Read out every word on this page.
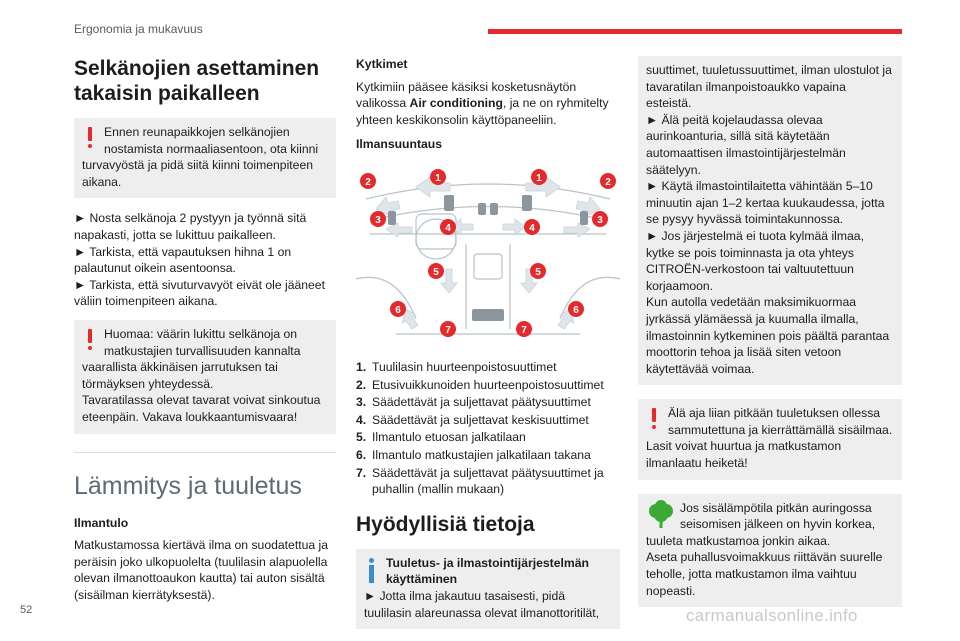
Ergonomia ja mukavuus
Selkänojien asettaminen takaisin paikalleen

Ennen reunapaikkojen selkänojien nostamista normaaliasentoon, ota kiinni turvavyöstä ja pidä siitä kiinni toimenpiteen aikana.

► Nosta selkänoja 2 pystyyn ja työnnä sitä napakasti, jotta se lukittuu paikalleen.
► Tarkista, että vapautuksen hihna 1 on palautunut oikein asentoonsa.
► Tarkista, että sivuturvavyöt eivät ole jääneet väliin toimenpiteen aikana.

Huomaa: väärin lukittu selkänoja on matkustajien turvallisuuden kannalta vaarallista äkkinäisen jarrutuksen tai törmäyksen yhteydessä.
Tavaratilassa olevat tavarat voivat sinkoutua eteenpäin. Vakava loukkaantumisvaara!

Lämmitys ja tuuletus
Ilmantulo

Matkustamossa kiertävä ilma on suodatettua ja peräisin joko ulkopuolelta (tuulilasin alapuolella olevan ilmanottoaukon kautta) tai auton sisältä (sisäilman kierrätyksestä).

Kytkimet

Kytkimiin pääsee käsiksi kosketusnäytön valikossa Air conditioning, ja ne on ryhmitelty yhteen keskikonsolin käyttöpaneeliin.

Ilmansuuntaus
1	1
2	2
3	3
4	4
5	5
6	6
7	7
1. Tuulilasin huurteenpoistosuuttimet
2. Etusivuikkunoiden huurteenpoistosuuttimet
3. Säädettävät ja suljettavat päätysuuttimet
4. Säädettävät ja suljettavat keskisuuttimet
5. Ilmantulo etuosan jalkatilaan
6. Ilmantulo matkustajien jalkatilaan takana
7. Säädettävät ja suljettavat päätysuuttimet ja puhallin (mallin mukaan)
Hyödyllisiä tietoja

Tuuletus- ja ilmastointijärjestelmän käyttäminen

► Jotta ilma jakautuu tasaisesti, pidä tuulilasin alareunassa olevat ilmanottoritilät,

suuttimet, tuuletussuuttimet, ilman ulostulot ja tavaratilan ilmanpoistoaukko vapaina esteistä.
► Älä peitä kojelaudassa olevaa aurinkoanturia, sillä sitä käytetään automaattisen ilmastointijärjestelmän säätelyyn.
► Käytä ilmastointilaitetta vähintään 5–10 minuutin ajan 1–2 kertaa kuukaudessa, jotta se pysyy hyvässä toimintakunnossa.
► Jos järjestelmä ei tuota kylmää ilmaa, kytke se pois toiminnasta ja ota yhteys CITROËN-verkostoon tai valtuutettuun korjaamoon.
Kun autolla vedetään maksimikuormaa jyrkässä ylämäessä ja kuumalla ilmalla, ilmastoinnin kytkeminen pois päältä parantaa moottorin tehoa ja lisää siten vetoon käytettävää voimaa.

Älä aja liian pitkään tuuletuksen ollessa sammutettuna ja kierrättämällä sisäilmaa. Lasit voivat huurtua ja matkustamon ilmanlaatu heiketä!

Jos sisälämpötila pitkän auringossa seisomisen jälkeen on hyvin korkea, tuuleta matkustamoa jonkin aikaa.
Aseta puhallusvoimakkuus riittävän suurelle teholle, jotta matkustamon ilma vaihtuu nopeasti.

52	carmanualsonline.info
